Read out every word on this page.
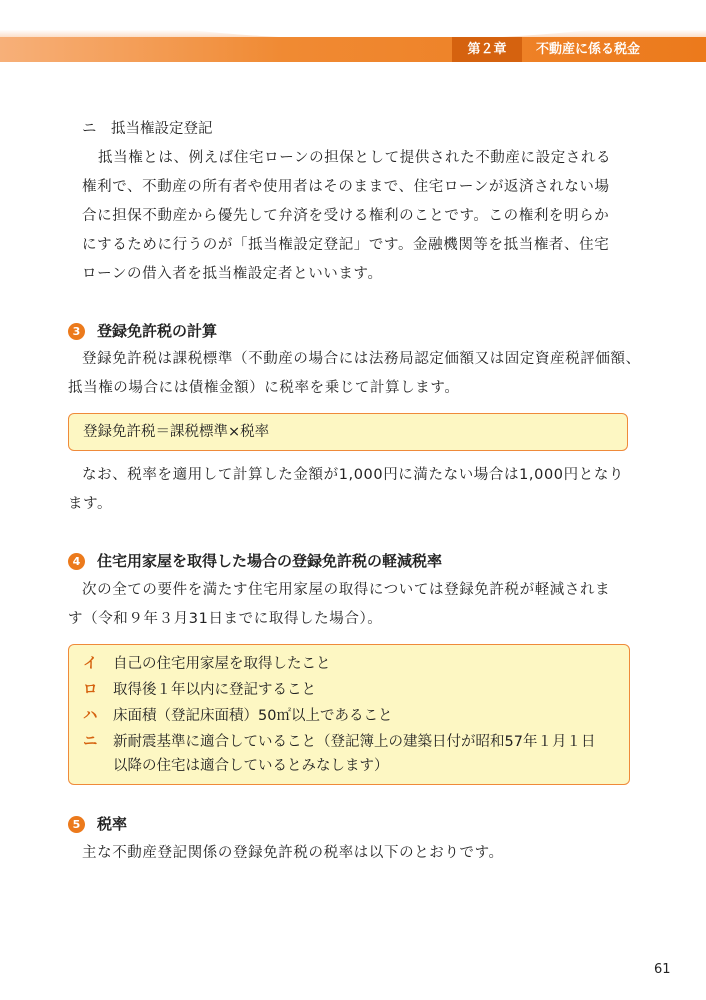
第２章	不動産に係る税金
ニ　抵当権設定登記
抵当権とは、例えば住宅ローンの担保として提供された不動産に設定される
権利で、不動産の所有者や使用者はそのままで、住宅ローンが返済されない場
合に担保不動産から優先して弁済を受ける権利のことです。この権利を明らか
にするために行うのが「抵当権設定登記」です。金融機関等を抵当権者、住宅
ローンの借入者を抵当権設定者といいます。
3	登録免許税の計算
登録免許税は課税標準（不動産の場合には法務局認定価額又は固定資産税評価額、
抵当権の場合には債権金額）に税率を乗じて計算します。
登録免許税＝課税標準×税率
なお、税率を適用して計算した金額が1,000円に満たない場合は1,000円となり
ます。
4	住宅用家屋を取得した場合の登録免許税の軽減税率
次の全ての要件を満たす住宅用家屋の取得については登録免許税が軽減されま
す（令和９年３月31日までに取得した場合）。
イ 自己の住宅用家屋を取得したこと
ロ 取得後１年以内に登記すること
ハ 床面積（登記床面積）50㎡以上であること
ニ 新耐震基準に適合していること（登記簿上の建築日付が昭和57年１月１日
以降の住宅は適合しているとみなします）
5	税率
主な不動産登記関係の登録免許税の税率は以下のとおりです。
61
